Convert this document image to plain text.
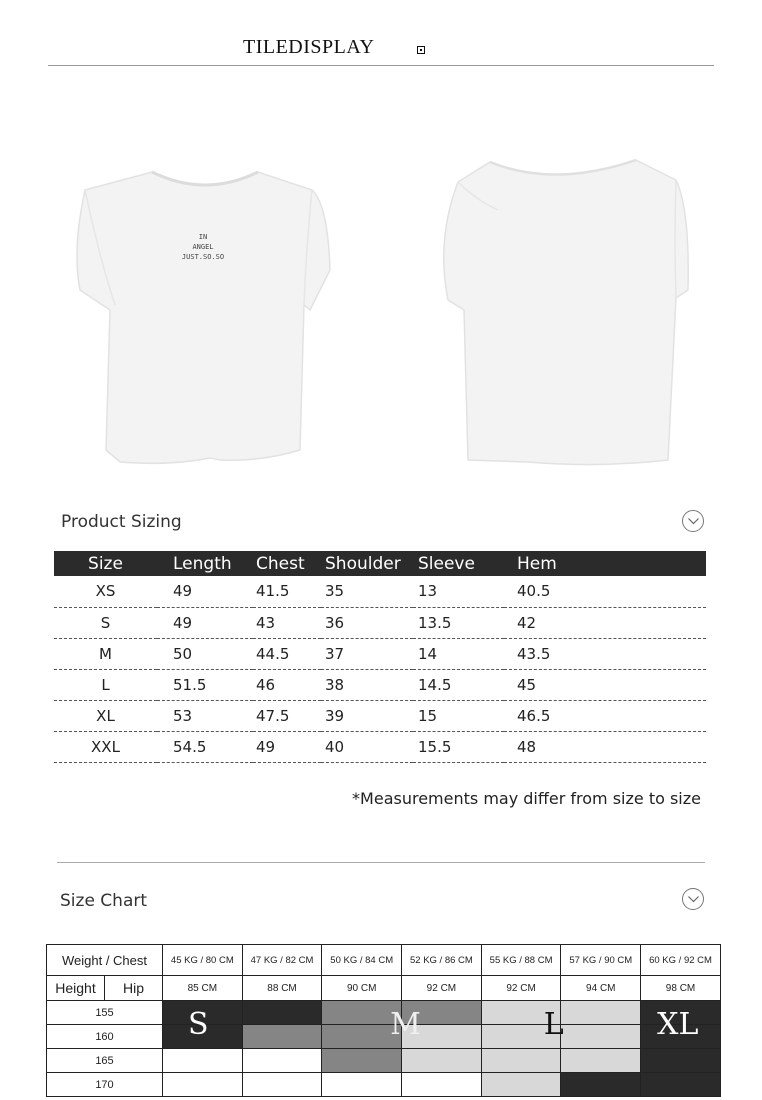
TILEDISPLAY
IN
ANGEL
JUST.SO.SO
Product Sizing
Size	Length	Chest	Shoulder	Sleeve	Hem
XS	49	41.5	35	13	40.5
S	49	43	36	13.5	42
M	50	44.5	37	14	43.5
L	51.5	46	38	14.5	45
XL	53	47.5	39	15	46.5
XXL	54.5	49	40	15.5	48
*Measurements may differ from size to size
Size Chart
Weight / Chest		45 KG / 80 CM	47 KG / 82 CM	50 KG / 84 CM	52 KG / 86 CM	55 KG / 88 CM	57 KG / 90 CM	60 KG / 92 CM
Height	Hip	85 CM	88 CM	90 CM	92 CM	92 CM	94 CM	98 CM
155		S			M	L		XL

160								
165								
170								
